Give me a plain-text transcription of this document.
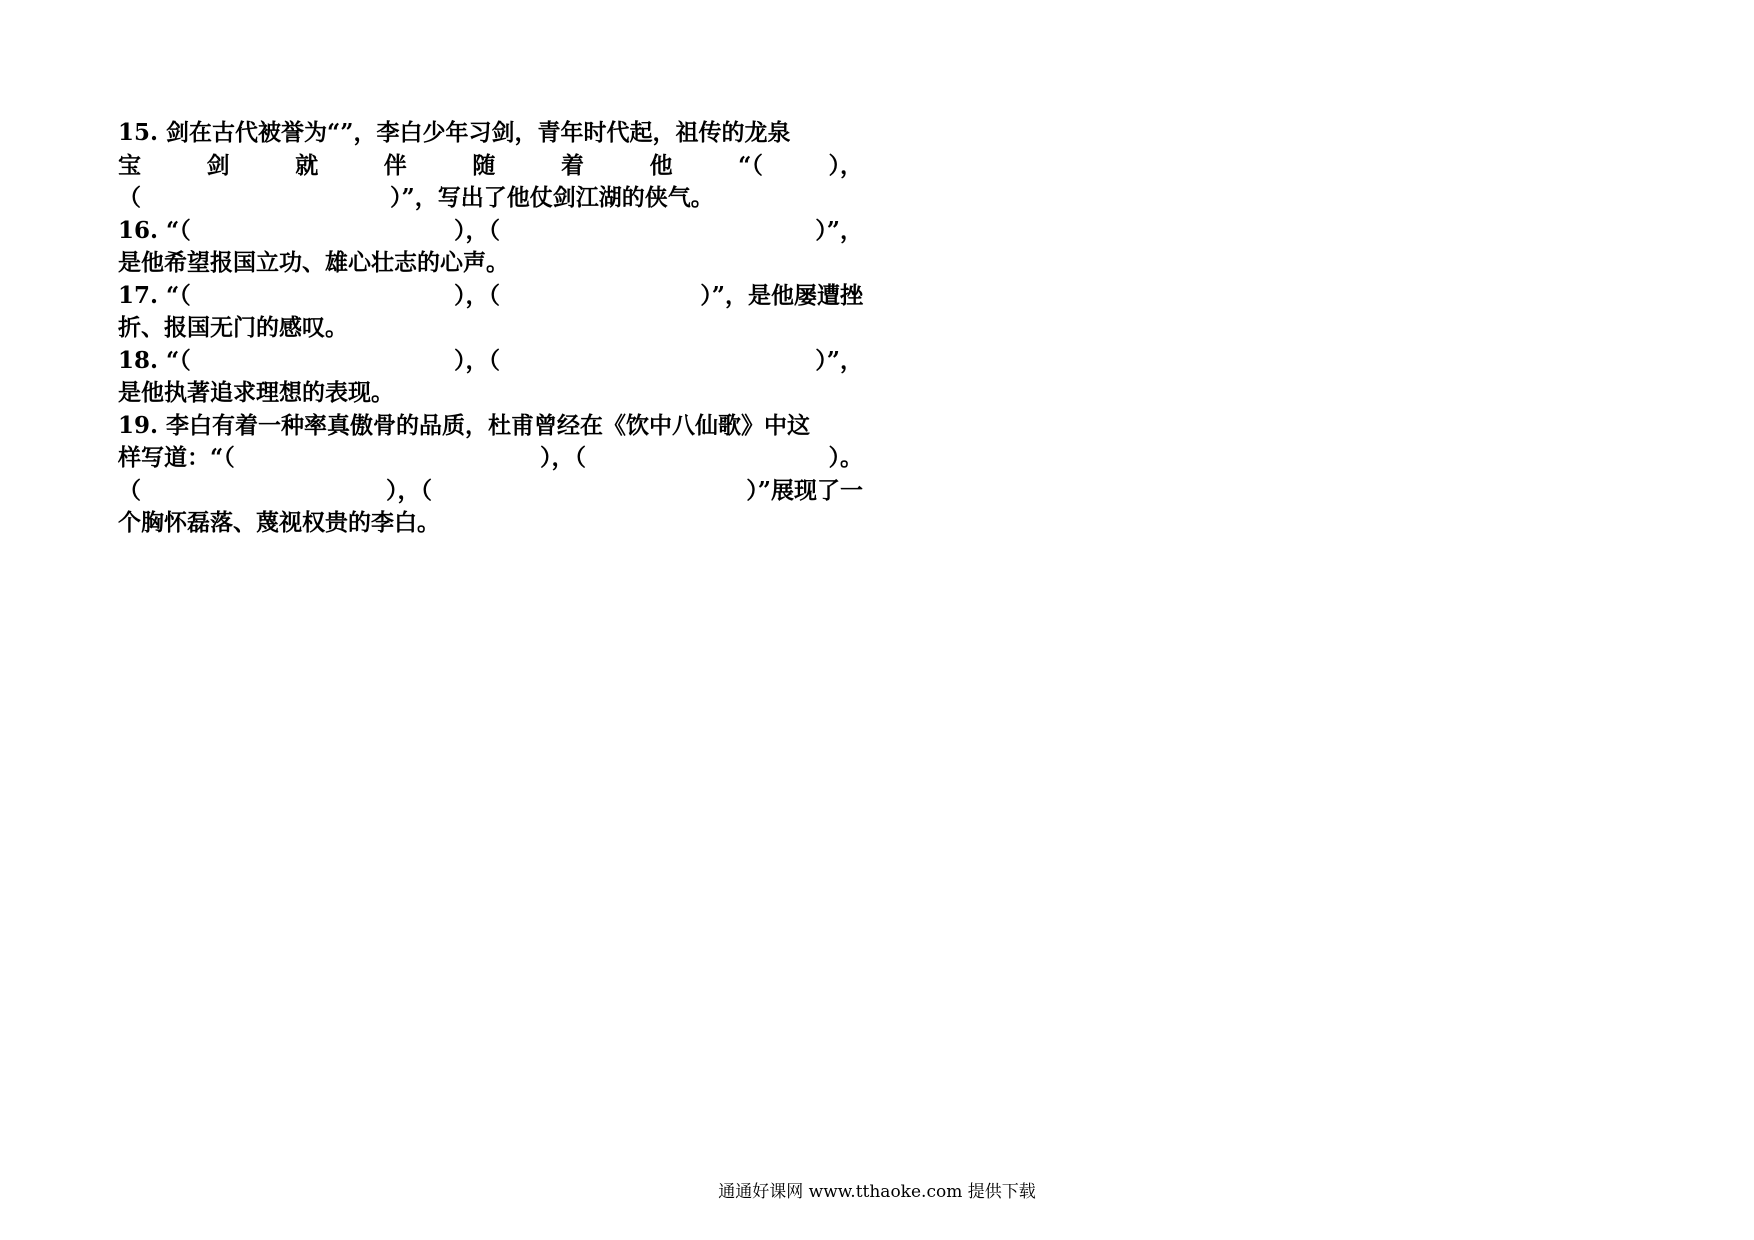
15. 剑在古代被誉为“”，李白少年习剑，青年时代起，祖传的龙泉
宝	剑	就	伴	随	着	他	“（	），
（	）”，写出了他仗剑江湖的侠气。
16. “（	），（	）”，
是他希望报国立功、雄心壮志的心声。
17. “（	），（	）”，是他屡遭挫
折、报国无门的感叹。
18. “（	），（	）”，
是他执著追求理想的表现。
19. 李白有着一种率真傲骨的品质，杜甫曾经在《饮中八仙歌》中这
样写道：“（	），（	）。
（	），（	）”展现了一
个胸怀磊落、蔑视权贵的李白。
通通好课网 www.tthaoke.com 提供下载
